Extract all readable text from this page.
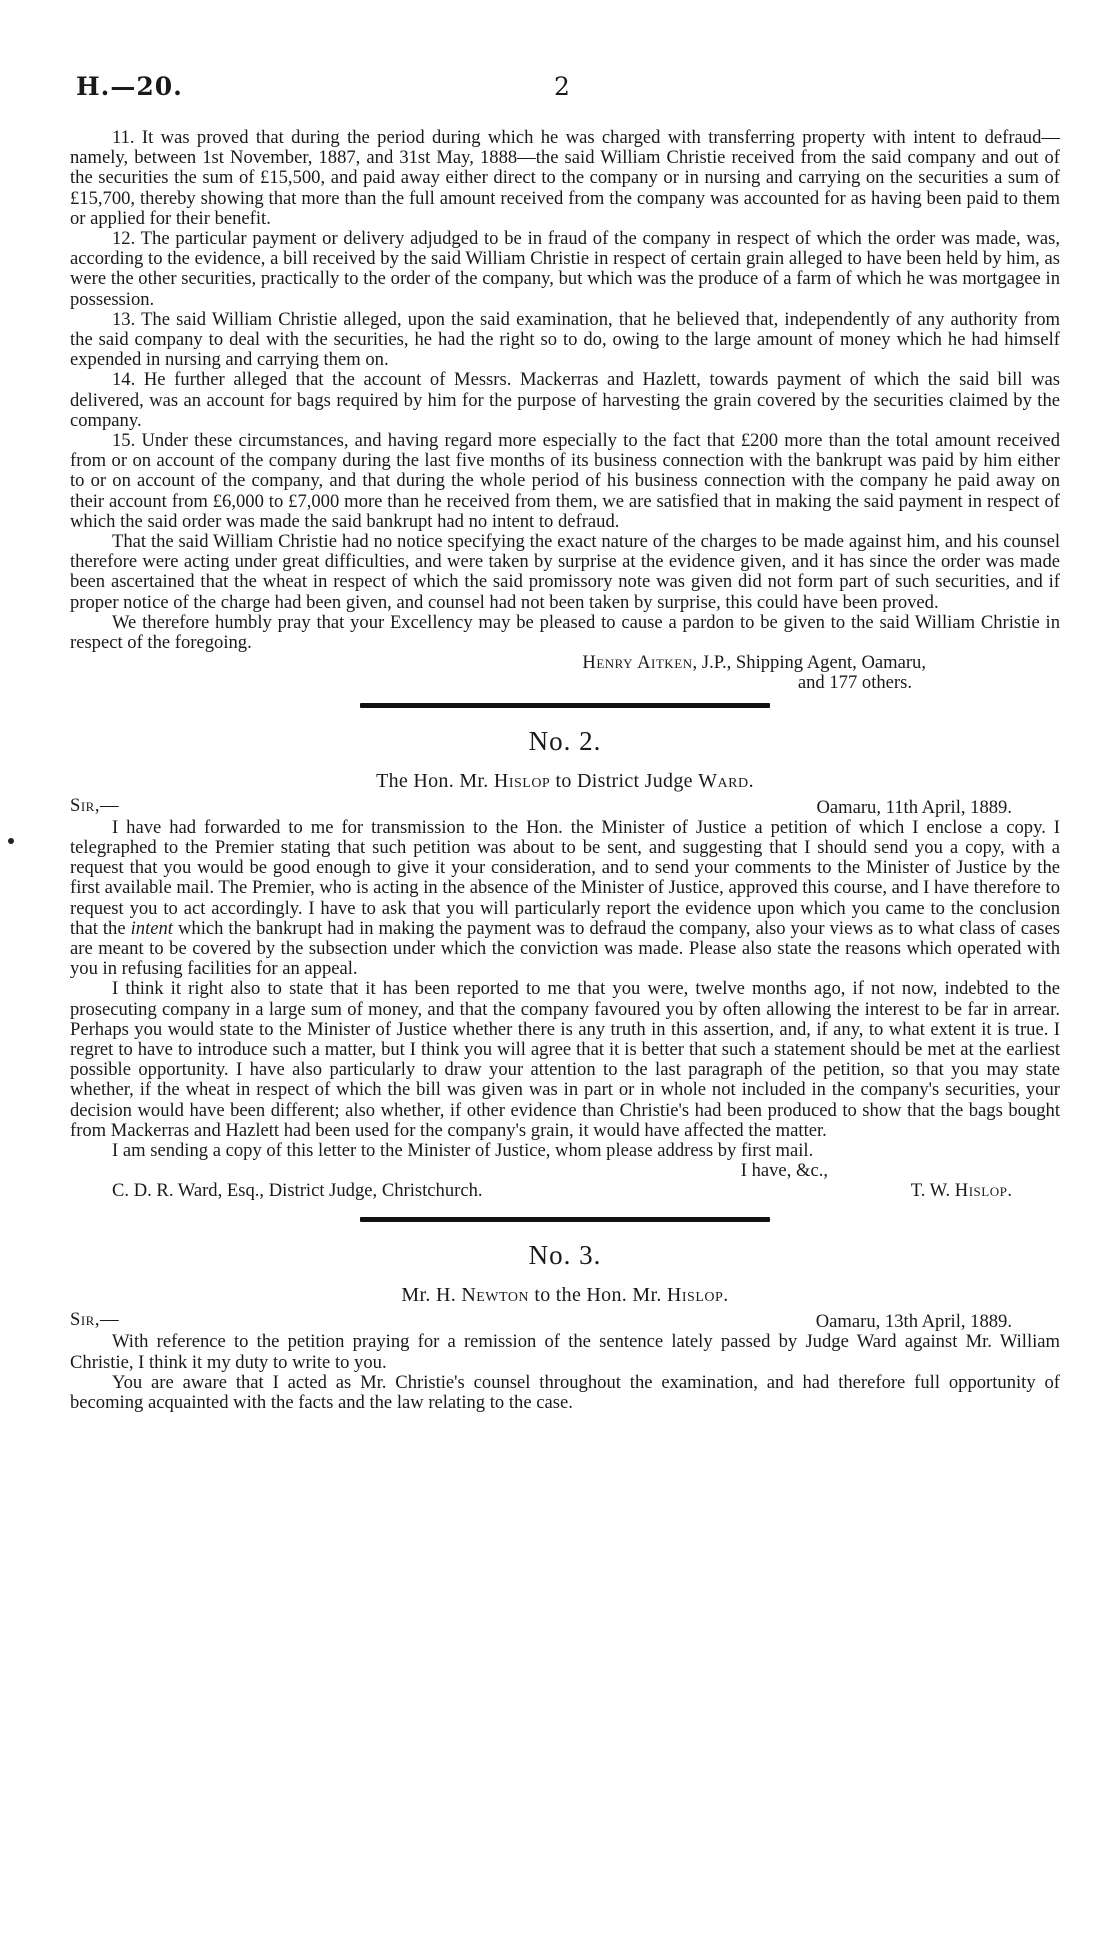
H.—20.	2

11. It was proved that during the period during which he was charged with transferring property with intent to defraud—namely, between 1st November, 1887, and 31st May, 1888—the said William Christie received from the said company and out of the securities the sum of £15,500, and paid away either direct to the company or in nursing and carrying on the securities a sum of £15,700, thereby showing that more than the full amount received from the company was accounted for as having been paid to them or applied for their benefit.

12. The particular payment or delivery adjudged to be in fraud of the company in respect of which the order was made, was, according to the evidence, a bill received by the said William Christie in respect of certain grain alleged to have been held by him, as were the other securities, practically to the order of the company, but which was the produce of a farm of which he was mortgagee in possession.

13. The said William Christie alleged, upon the said examination, that he believed that, independently of any authority from the said company to deal with the securities, he had the right so to do, owing to the large amount of money which he had himself expended in nursing and carrying them on.

14. He further alleged that the account of Messrs. Mackerras and Hazlett, towards payment of which the said bill was delivered, was an account for bags required by him for the purpose of harvesting the grain covered by the securities claimed by the company.

15. Under these circumstances, and having regard more especially to the fact that £200 more than the total amount received from or on account of the company during the last five months of its business connection with the bankrupt was paid by him either to or on account of the company, and that during the whole period of his business connection with the company he paid away on their account from £6,000 to £7,000 more than he received from them, we are satisfied that in making the said payment in respect of which the said order was made the said bankrupt had no intent to defraud.

That the said William Christie had no notice specifying the exact nature of the charges to be made against him, and his counsel therefore were acting under great difficulties, and were taken by surprise at the evidence given, and it has since the order was made been ascertained that the wheat in respect of which the said promissory note was given did not form part of such securities, and if proper notice of the charge had been given, and counsel had not been taken by surprise, this could have been proved.

We therefore humbly pray that your Excellency may be pleased to cause a pardon to be given to the said William Christie in respect of the foregoing.

Henry Aitken, J.P., Shipping Agent, Oamaru,
and 177 others.
No. 2.
The Hon. Mr. Hislop to District Judge Ward.
Sir,—	Oamaru, 11th April, 1889.

I have had forwarded to me for transmission to the Hon. the Minister of Justice a petition of which I enclose a copy. I telegraphed to the Premier stating that such petition was about to be sent, and suggesting that I should send you a copy, with a request that you would be good enough to give it your consideration, and to send your comments to the Minister of Justice by the first available mail. The Premier, who is acting in the absence of the Minister of Justice, approved this course, and I have therefore to request you to act accordingly. I have to ask that you will particularly report the evidence upon which you came to the conclusion that the intent which the bankrupt had in making the payment was to defraud the company, also your views as to what class of cases are meant to be covered by the subsection under which the conviction was made. Please also state the reasons which operated with you in refusing facilities for an appeal.

I think it right also to state that it has been reported to me that you were, twelve months ago, if not now, indebted to the prosecuting company in a large sum of money, and that the company favoured you by often allowing the interest to be far in arrear. Perhaps you would state to the Minister of Justice whether there is any truth in this assertion, and, if any, to what extent it is true. I regret to have to introduce such a matter, but I think you will agree that it is better that such a statement should be met at the earliest possible opportunity. I have also particularly to draw your attention to the last paragraph of the petition, so that you may state whether, if the wheat in respect of which the bill was given was in part or in whole not included in the company's securities, your decision would have been different; also whether, if other evidence than Christie's had been produced to show that the bags bought from Mackerras and Hazlett had been used for the company's grain, it would have affected the matter.

I am sending a copy of this letter to the Minister of Justice, whom please address by first mail.

I have, &c.,
C. D. R. Ward, Esq., District Judge, Christchurch.	T. W. Hislop.
No. 3.
Mr. H. Newton to the Hon. Mr. Hislop.
Sir,—	Oamaru, 13th April, 1889.

With reference to the petition praying for a remission of the sentence lately passed by Judge Ward against Mr. William Christie, I think it my duty to write to you.

You are aware that I acted as Mr. Christie's counsel throughout the examination, and had therefore full opportunity of becoming acquainted with the facts and the law relating to the case.
